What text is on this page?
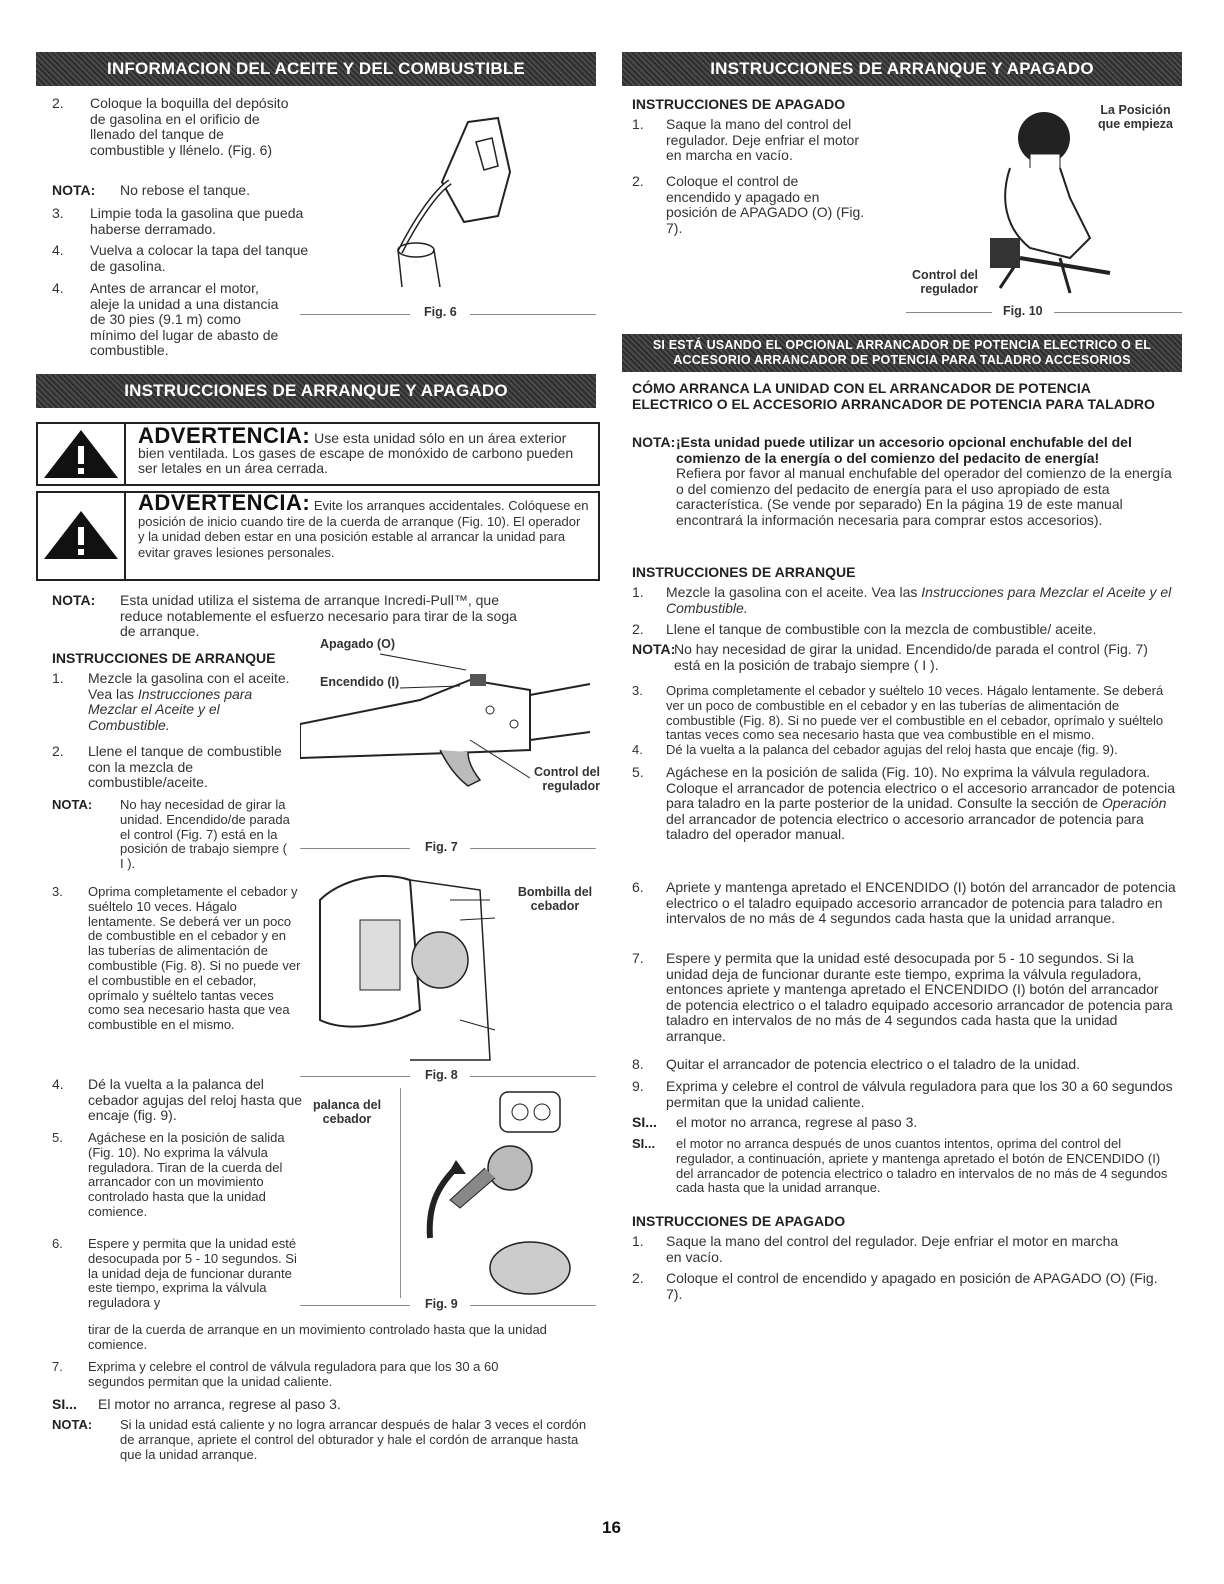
INFORMACION DEL ACEITE Y DEL COMBUSTIBLE
2. Coloque la boquilla del depósito de gasolina en el orificio de llenado del tanque de combustible y llénelo. (Fig. 6)
NOTA: No rebose el tanque.
3. Limpie toda la gasolina que pueda haberse derramado.
4. Vuelva a colocar la tapa del tanque de gasolina.
4. Antes de arrancar el motor, aleje la unidad a una distancia de 30 pies (9.1 m) como mínimo del lugar de abasto de combustible.
Fig. 6
INSTRUCCIONES DE ARRANQUE Y APAGADO
ADVERTENCIA: Use esta unidad sólo en un área exterior bien ventilada. Los gases de escape de monóxido de carbono pueden ser letales en un área cerrada.
ADVERTENCIA: Evite los arranques accidentales. Colóquese en posición de inicio cuando tire de la cuerda de arranque (Fig. 10). El operador y la unidad deben estar en una posición estable al arrancar la unidad para evitar graves lesiones personales.
NOTA: Esta unidad utiliza el sistema de arranque Incredi-Pull™, que reduce notablemente el esfuerzo necesario para tirar de la soga de arranque.
INSTRUCCIONES DE ARRANQUE
1. Mezcle la gasolina con el aceite. Vea las Instrucciones para Mezclar el Aceite y el Combustible.
2. Llene el tanque de combustible con la mezcla de combustible/aceite.
NOTA: No hay necesidad de girar la unidad. Encendido/de parada el control (Fig. 7) está en la posición de trabajo siempre ( I ).
3. Oprima completamente el cebador y suéltelo 10 veces. Hágalo lentamente. Se deberá ver un poco de combustible en el cebador y en las tuberías de alimentación de combustible (Fig. 8). Si no puede ver el combustible en el cebador, oprímalo y suéltelo tantas veces como sea necesario hasta que vea combustible en el mismo.
4. Dé la vuelta a la palanca del cebador agujas del reloj hasta que encaje (fig. 9).
5. Agáchese en la posición de salida (Fig. 10). No exprima la válvula reguladora. Tiran de la cuerda del arrancador con un movimiento controlado hasta que la unidad comience.
6. Espere y permita que la unidad esté desocupada por 5 - 10 segundos. Si la unidad deja de funcionar durante este tiempo, exprima la válvula reguladora y
tirar de la cuerda de arranque en un movimiento controlado hasta que la unidad comience.
7. Exprima y celebre el control de válvula reguladora para que los 30 a 60 segundos permitan que la unidad caliente.
SI... El motor no arranca, regrese al paso 3.
NOTA: Si la unidad está caliente y no logra arrancar después de halar 3 veces el cordón de arranque, apriete el control del obturador y hale el cordón de arranque hasta que la unidad arranque.
Apagado (O)
Encendido (I)
Control del regulador
Fig. 7
Bombilla del cebador
Fig. 8
palanca del cebador
Fig. 9
INSTRUCCIONES DE ARRANQUE Y APAGADO
INSTRUCCIONES DE APAGADO
1. Saque la mano del control del regulador. Deje enfriar el motor en marcha en vacío.
2. Coloque el control de encendido y apagado en posición de APAGADO (O) (Fig. 7).
La Posición que empieza
Control del regulador
Fig. 10
SI ESTÁ USANDO EL OPCIONAL ARRANCADOR DE POTENCIA ELECTRICO O EL
ACCESORIO ARRANCADOR DE POTENCIA PARA TALADRO ACCESORIOS
CÓMO ARRANCA LA UNIDAD CON EL ARRANCADOR DE POTENCIA ELECTRICO O EL ACCESORIO ARRANCADOR DE POTENCIA PARA TALADRO
NOTA: ¡Esta unidad puede utilizar un accesorio opcional enchufable del del comienzo de la energía o del comienzo del pedacito de energía!
Refiera por favor al manual enchufable del operador del comienzo de la energía o del comienzo del pedacito de energía para el uso apropiado de esta característica. (Se vende por separado) En la página 19 de este manual encontrará la información necesaria para comprar estos accesorios).
INSTRUCCIONES DE ARRANQUE
1. Mezcle la gasolina con el aceite. Vea las Instrucciones para Mezclar el Aceite y el Combustible.
2. Llene el tanque de combustible con la mezcla de combustible/ aceite.
NOTA:
No hay necesidad de girar la unidad. Encendido/de parada el control (Fig. 7) está en la posición de trabajo siempre ( I ).
3. Oprima completamente el cebador y suéltelo 10 veces. Hágalo lentamente. Se deberá ver un poco de combustible en el cebador y en las tuberías de alimentación de combustible (Fig. 8). Si no puede ver el combustible en el cebador, oprímalo y suéltelo tantas veces como sea necesario hasta que vea combustible en el mismo.
4. Dé la vuelta a la palanca del cebador agujas del reloj hasta que encaje (fig. 9).
5. Agáchese en la posición de salida (Fig. 10). No exprima la válvula reguladora. Coloque el arrancador de potencia electrico o el accesorio arrancador de potencia para taladro en la parte posterior de la unidad. Consulte la sección de Operación del arrancador de potencia electrico o accesorio arrancador de potencia para taladro del operador manual.
6. Apriete y mantenga apretado el ENCENDIDO (I) botón del arrancador de potencia electrico o el taladro equipado accesorio arrancador de potencia para taladro en intervalos de no más de 4 segundos cada hasta que la unidad arranque.
7. Espere y permita que la unidad esté desocupada por 5 - 10 segundos. Si la unidad deja de funcionar durante este tiempo, exprima la válvula reguladora, entonces apriete y mantenga apretado el ENCENDIDO (I) botón del arrancador de potencia electrico o el taladro equipado accesorio arrancador de potencia para taladro en intervalos de no más de 4 segundos cada hasta que la unidad arranque.
8. Quitar el arrancador de potencia electrico o el taladro de la unidad.
9. Exprima y celebre el control de válvula reguladora para que los 30 a 60 segundos permitan que la unidad caliente.
SI... el motor no arranca, regrese al paso 3.
SI... el motor no arranca después de unos cuantos intentos, oprima del control del regulador, a continuación, apriete y mantenga apretado el botón de ENCENDIDO (I) del arrancador de potencia electrico o taladro en intervalos de no más de 4 segundos cada hasta que la unidad arranque.
INSTRUCCIONES DE APAGADO
1. Saque la mano del control del regulador. Deje enfriar el motor en marcha en vacío.
2. Coloque el control de encendido y apagado en posición de APAGADO (O) (Fig. 7).
16
